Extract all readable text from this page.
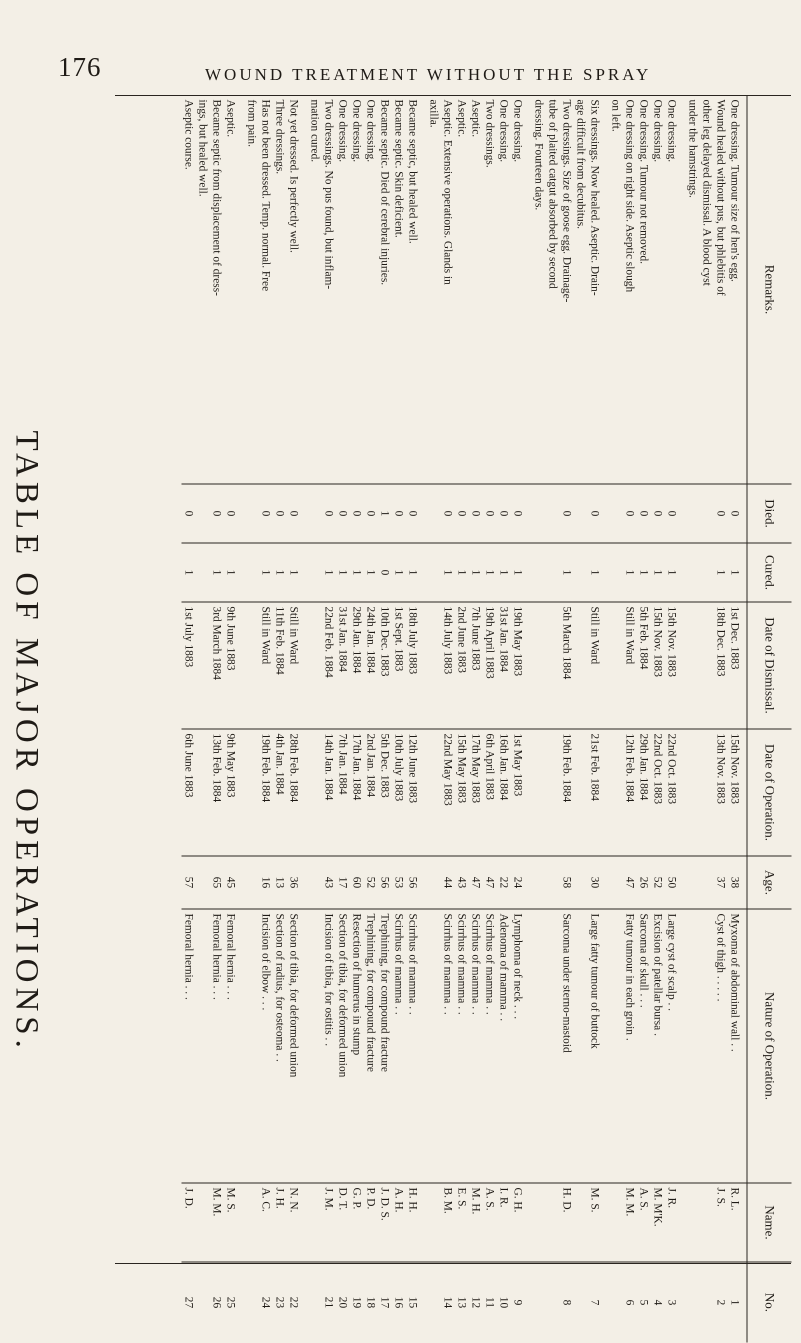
176	WOUND TREATMENT WITHOUT THE SPRAY
TABLE OF MAJOR OPERATIONS.
Remarks.	Died.	Cured.	Date of Dismissal.	Date of Operation.	Age.	Nature of Operation.	Name.	No.
One dressing. Tumour size of hen's egg.	0	1	1st Dec. 1883	15th Nov. 1883	38	Myxoma of abdominal wall . .	R. L.	1
Wound healed without pus, but phlebitis of	0	1	18th Dec. 1883	13th Nov. 1883	37	Cyst of thigh . . . . .	J. S.	2
other leg delayed dismissal. A blood cyst								
under the hamstrings.								

One dressing.	0	1	15th Nov. 1883	22nd Oct. 1883	50	Large cyst of scalp . .	J. R.	3
One dressing.	0	1	15th Nov. 1883	22nd Oct. 1883	52	Excision of patellar bursa .	M. M'K.	4
One dressing. Tumour not removed.	0	1	5th Feb. 1884	29th Jan. 1884	26	Sarcoma of skull . . .	A. S.	5
One dressing on right side. Aseptic slough	0	1	Still in Ward	12th Feb. 1884	47	Fatty tumour in each groin .	M. M.	6
on left.								

Six dressings. Now healed. Aseptic. Drain-	0	1	Still in Ward	21st Feb. 1884	30	Large fatty tumour of buttock	M. S.	7
age difficult from decubitus.								
Two dressings. Size of goose egg. Drainage-	0	1	5th March 1884	19th Feb. 1884	58	Sarcoma under sterno-mastoid	H. D.	8
tube of plaited catgut absorbed by second								
dressing. Fourteen days.								

One dressing.	0	1	19th May 1883	1st May 1883	24	Lymphoma of neck . . .	G. H.	9
One dressing.	0	1	31st Jan. 1884	16th Jan. 1884	22	Adenoma of mamma . .	I. R.	10
Two dressings.	0	1	19th April 1883	6th April 1883	47	Scirrhus of mamma . .	A. S.	11
Aseptic.	0	1	7th June 1883	17th May 1883	47	Scirrhus of mamma . .	M. H.	12
Aseptic.	0	1	2nd June 1883	15th May 1883	43	Scirrhus of mamma . .	E. S.	13
Aseptic. Extensive operations. Glands in	0	1	14th July 1883	22nd May 1883	44	Scirrhus of mamma . .	B. M.	14
axilla.								

Became septic, but healed well.	0	1	18th July 1883	12th June 1883	56	Scirrhus of mamma . .	H. H.	15
Became septic. Skin deficient.	0	1	1st Sept. 1883	10th July 1883	53	Scirrhus of mamma . .	A. H.	16
Became septic. Died of cerebral injuries.	1	0	10th Dec. 1883	5th Dec. 1883	56	Trephining, for compound fracture	J. D. S.	17
One dressing.	0	1	24th Jan. 1884	2nd Jan. 1884	52	Trephining, for compound fracture	P. D.	18
One dressing.	0	1	29th Jan. 1884	17th Jan. 1884	60	Resection of humerus in stump	G. P.	19
One dressing.	0	1	31st Jan. 1884	7th Jan. 1884	17	Section of tibia, for deformed union	D. T.	20
Two dressings. No pus found, but inflam-	0	1	22nd Feb. 1884	14th Jan. 1884	43	Incision of tibia, for ostitis . .	J. M.	21
mation cured.								

Not yet dressed. Is perfectly well.	0	1	Still in Ward	28th Feb. 1884	36	Section of tibia, for deformed union	N. N.	22
Three dressings.	0	1	11th Feb. 1884	4th Jan. 1884	13	Section of radius, for osteoma . .	J. H.	23
Has not been dressed. Temp. normal. Free	0	1	Still in Ward	19th Feb. 1884	16	Incision of elbow . . .	A. C.	24
from pain.								

Aseptic.	0	1	9th June 1883	9th May 1883	45	Femoral hernia . . .	M. S.	25
Became septic from displacement of dress-	0	1	3rd March 1884	13th Feb. 1884	65	Femoral hernia . . .	M. M.	26
ings, but healed well.								
Aseptic course.	0	1	1st July 1883	6th June 1883	57	Femoral hernia . . .	J. D.	27
